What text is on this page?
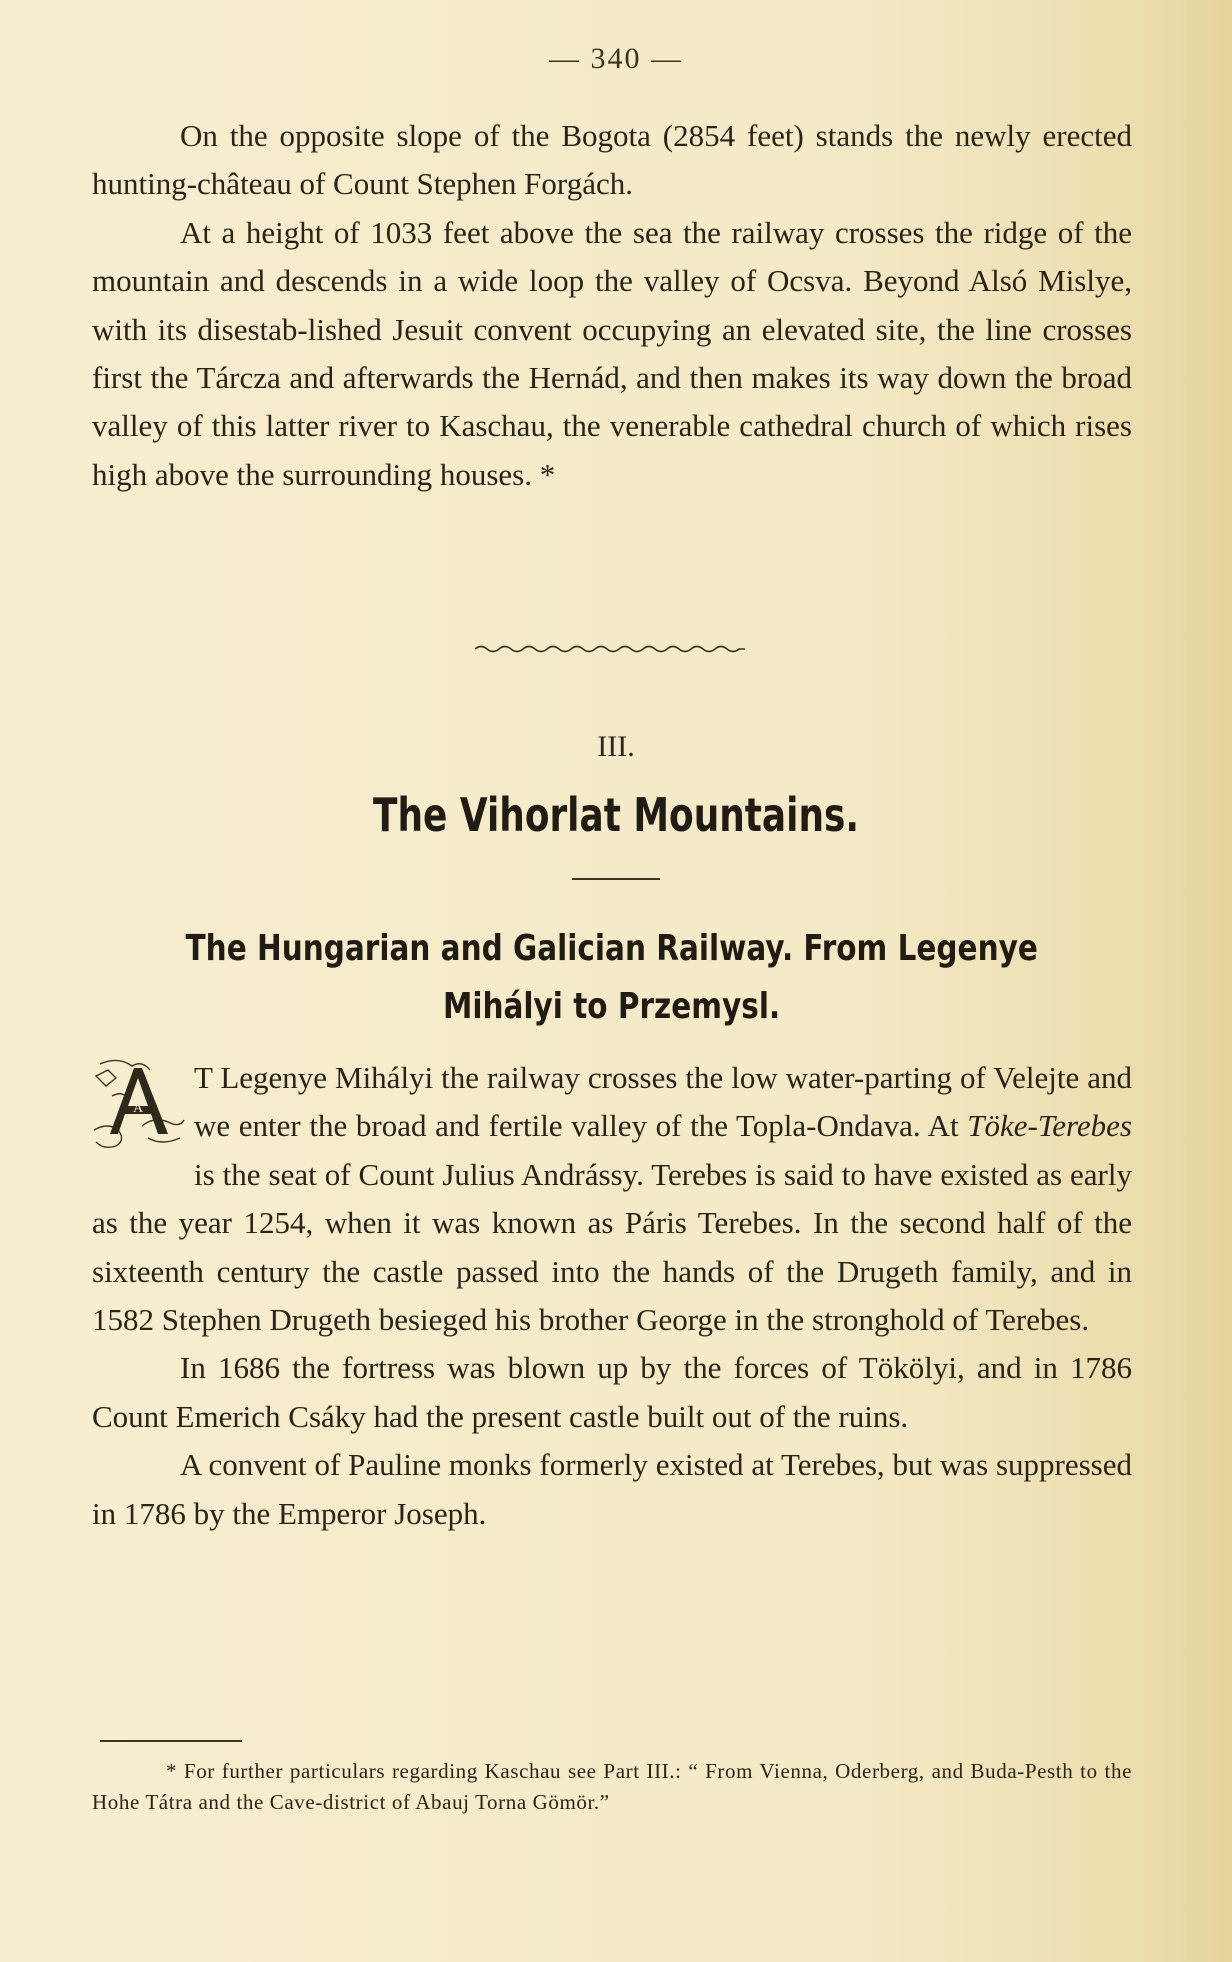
— 340 —

On the opposite slope of the Bogota (2854 feet) stands the newly erected hunting-château of Count Stephen Forgách.

At a height of 1033 feet above the sea the railway crosses the ridge of the mountain and descends in a wide loop the valley of Ocsva. Beyond Alsó Mislye, with its disestab-lished Jesuit convent occupying an elevated site, the line crosses first the Tárcza and afterwards the Hernád, and then makes its way down the broad valley of this latter river to Kaschau, the venerable cathedral church of which rises high above the surrounding houses. *

III.
The Vihorlat Mountains.
The Hungarian and Galician Railway. From Legenye
Mihályi to Przemysl.

A
T Legenye Mihályi the railway crosses the low water-parting of Velejte and we enter the broad and fertile valley of the Topla-Ondava. At Töke-Terebes is the seat of Count Julius Andrássy. Terebes is said to have existed as early as the year 1254, when it was known as Páris Terebes. In the second half of the sixteenth century the castle passed into the hands of the Drugeth family, and in 1582 Stephen Drugeth besieged his brother George in the stronghold of Terebes.

In 1686 the fortress was blown up by the forces of Tökölyi, and in 1786 Count Emerich Csáky had the present castle built out of the ruins.

A convent of Pauline monks formerly existed at Terebes, but was suppressed in 1786 by the Emperor Joseph.

* For further particulars regarding Kaschau see Part III.: “ From Vienna, Oderberg, and Buda-Pesth to the Hohe Tátra and the Cave-district of Abauj Torna Gömör.”
